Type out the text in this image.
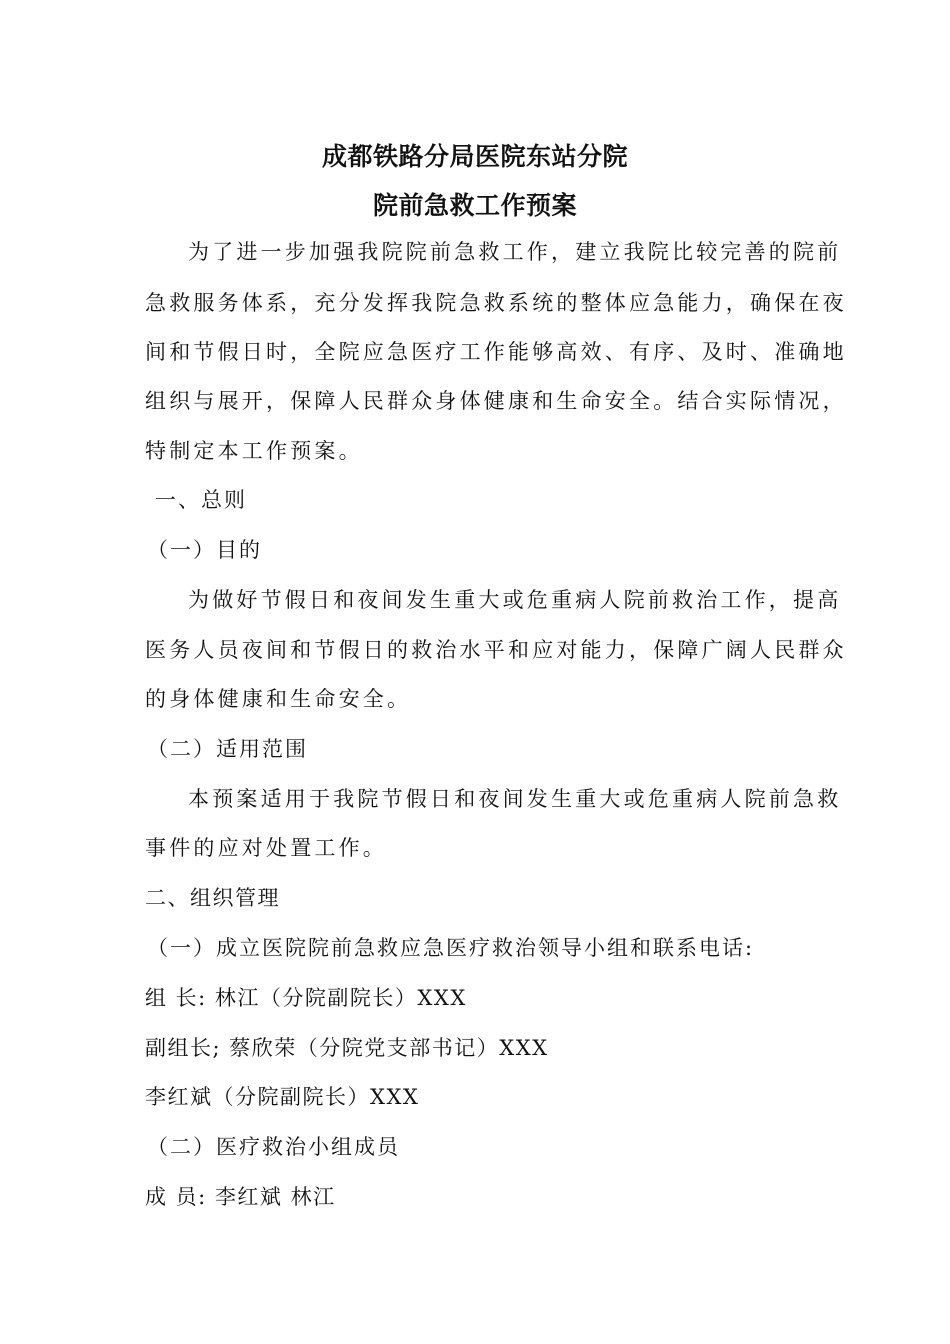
成都铁路分局医院东站分院
院前急救工作预案
为了进一步加强我院院前急救工作，建立我院比较完善的院前
急救服务体系，充分发挥我院急救系统的整体应急能力，确保在夜
间和节假日时，全院应急医疗工作能够高效、有序、及时、准确地
组织与展开，保障人民群众身体健康和生命安全。结合实际情况，
特制定本工作预案。
一、总则
（一）目的
为做好节假日和夜间发生重大或危重病人院前救治工作，提高
医务人员夜间和节假日的救治水平和应对能力，保障广阔人民群众
的身体健康和生命安全。
（二）适用范围
本预案适用于我院节假日和夜间发生重大或危重病人院前急救
事件的应对处置工作。
二、组织管理
（一）成立医院院前急救应急医疗救治领导小组和联系电话:
组 长: 林江（分院副院长）XXX
副组长; 蔡欣荣（分院党支部书记）XXX
李红斌（分院副院长）XXX
（二）医疗救治小组成员
成 员: 李红斌 林江
